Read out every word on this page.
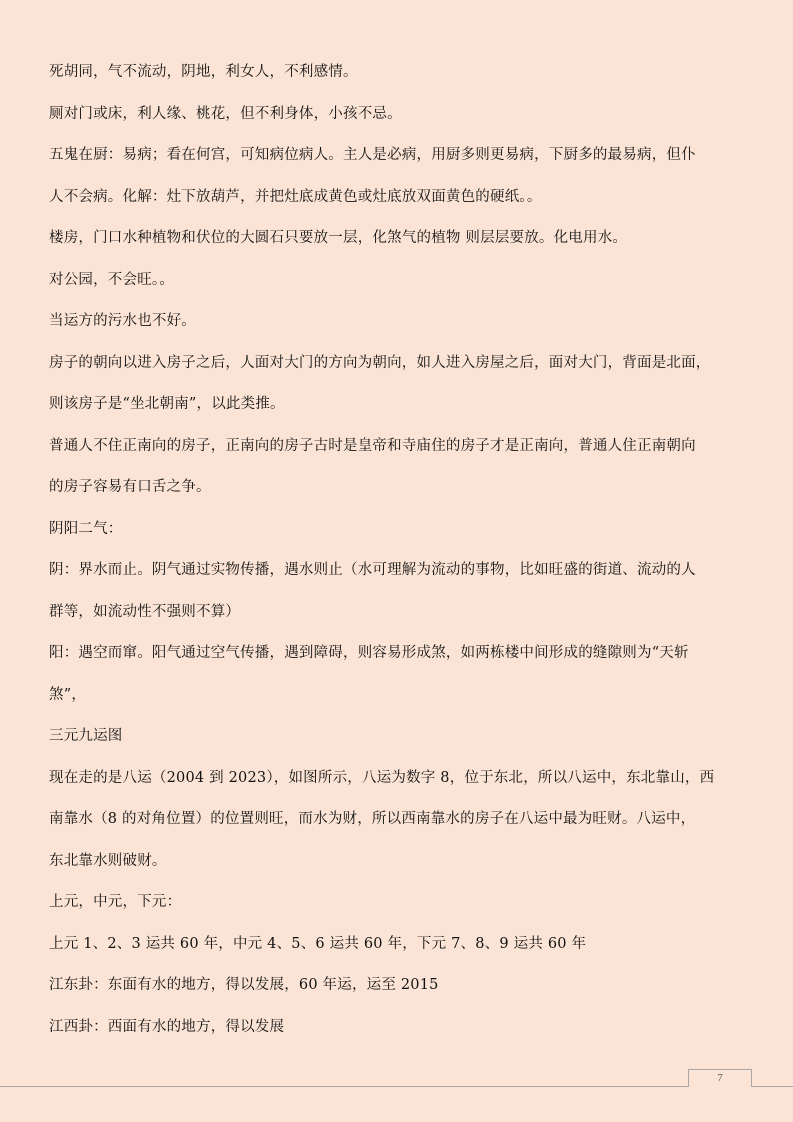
死胡同，气不流动，阴地，利女人，不利感情。
厕对门或床，利人缘、桃花，但不利身体，小孩不忌。
五鬼在厨：易病；看在何宫，可知病位病人。主人是必病，用厨多则更易病，下厨多的最易病，但仆
人不会病。化解：灶下放葫芦，并把灶底成黄色或灶底放双面黄色的硬纸。。
楼房，门口水种植物和伏位的大圆石只要放一层，化煞气的植物 则层层要放。化电用水。
对公园，不会旺。。
当运方的污水也不好。
房子的朝向以进入房子之后，人面对大门的方向为朝向，如人进入房屋之后，面对大门，背面是北面，
则该房子是“坐北朝南”，以此类推。
普通人不住正南向的房子，正南向的房子古时是皇帝和寺庙住的房子才是正南向，普通人住正南朝向
的房子容易有口舌之争。
阴阳二气：
阴：界水而止。阴气通过实物传播，遇水则止（水可理解为流动的事物，比如旺盛的街道、流动的人
群等，如流动性不强则不算）
阳：遇空而窜。阳气通过空气传播，遇到障碍，则容易形成煞，如两栋楼中间形成的缝隙则为“天斩
煞”，
三元九运图
现在走的是八运（2004 到 2023），如图所示，八运为数字 8，位于东北，所以八运中，东北靠山，西
南靠水（8 的对角位置）的位置则旺，而水为财，所以西南靠水的房子在八运中最为旺财。八运中，
东北靠水则破财。
上元，中元，下元：
上元 1、2、3 运共 60 年，中元 4、5、6 运共 60 年，下元 7、8、9 运共 60 年
江东卦：东面有水的地方，得以发展，60 年运，运至 2015
江西卦：西面有水的地方，得以发展
7
